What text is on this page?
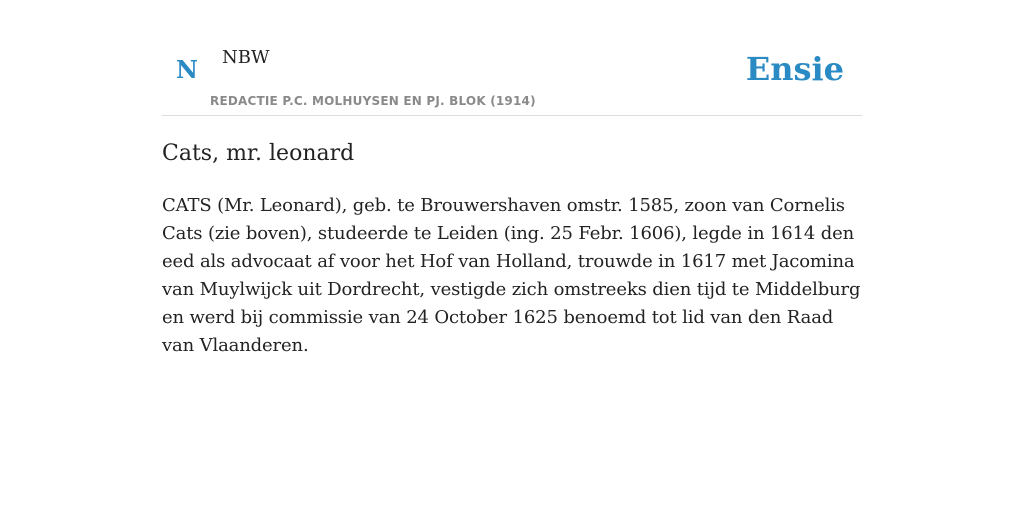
N NBW
REDACTIE P.C. MOLHUYSEN EN PJ. BLOK (1914)
Ensie
Cats, mr. leonard

CATS (Mr. Leonard), geb. te Brouwershaven omstr. 1585, zoon van Cornelis Cats (zie boven), studeerde te Leiden (ing. 25 Febr. 1606), legde in 1614 den eed als advocaat af voor het Hof van Holland, trouwde in 1617 met Jacomina van Muylwijck uit Dordrecht, vestigde zich omstreeks dien tijd te Middelburg en werd bij commissie van 24 October 1625 benoemd tot lid van den Raad van Vlaanderen.
